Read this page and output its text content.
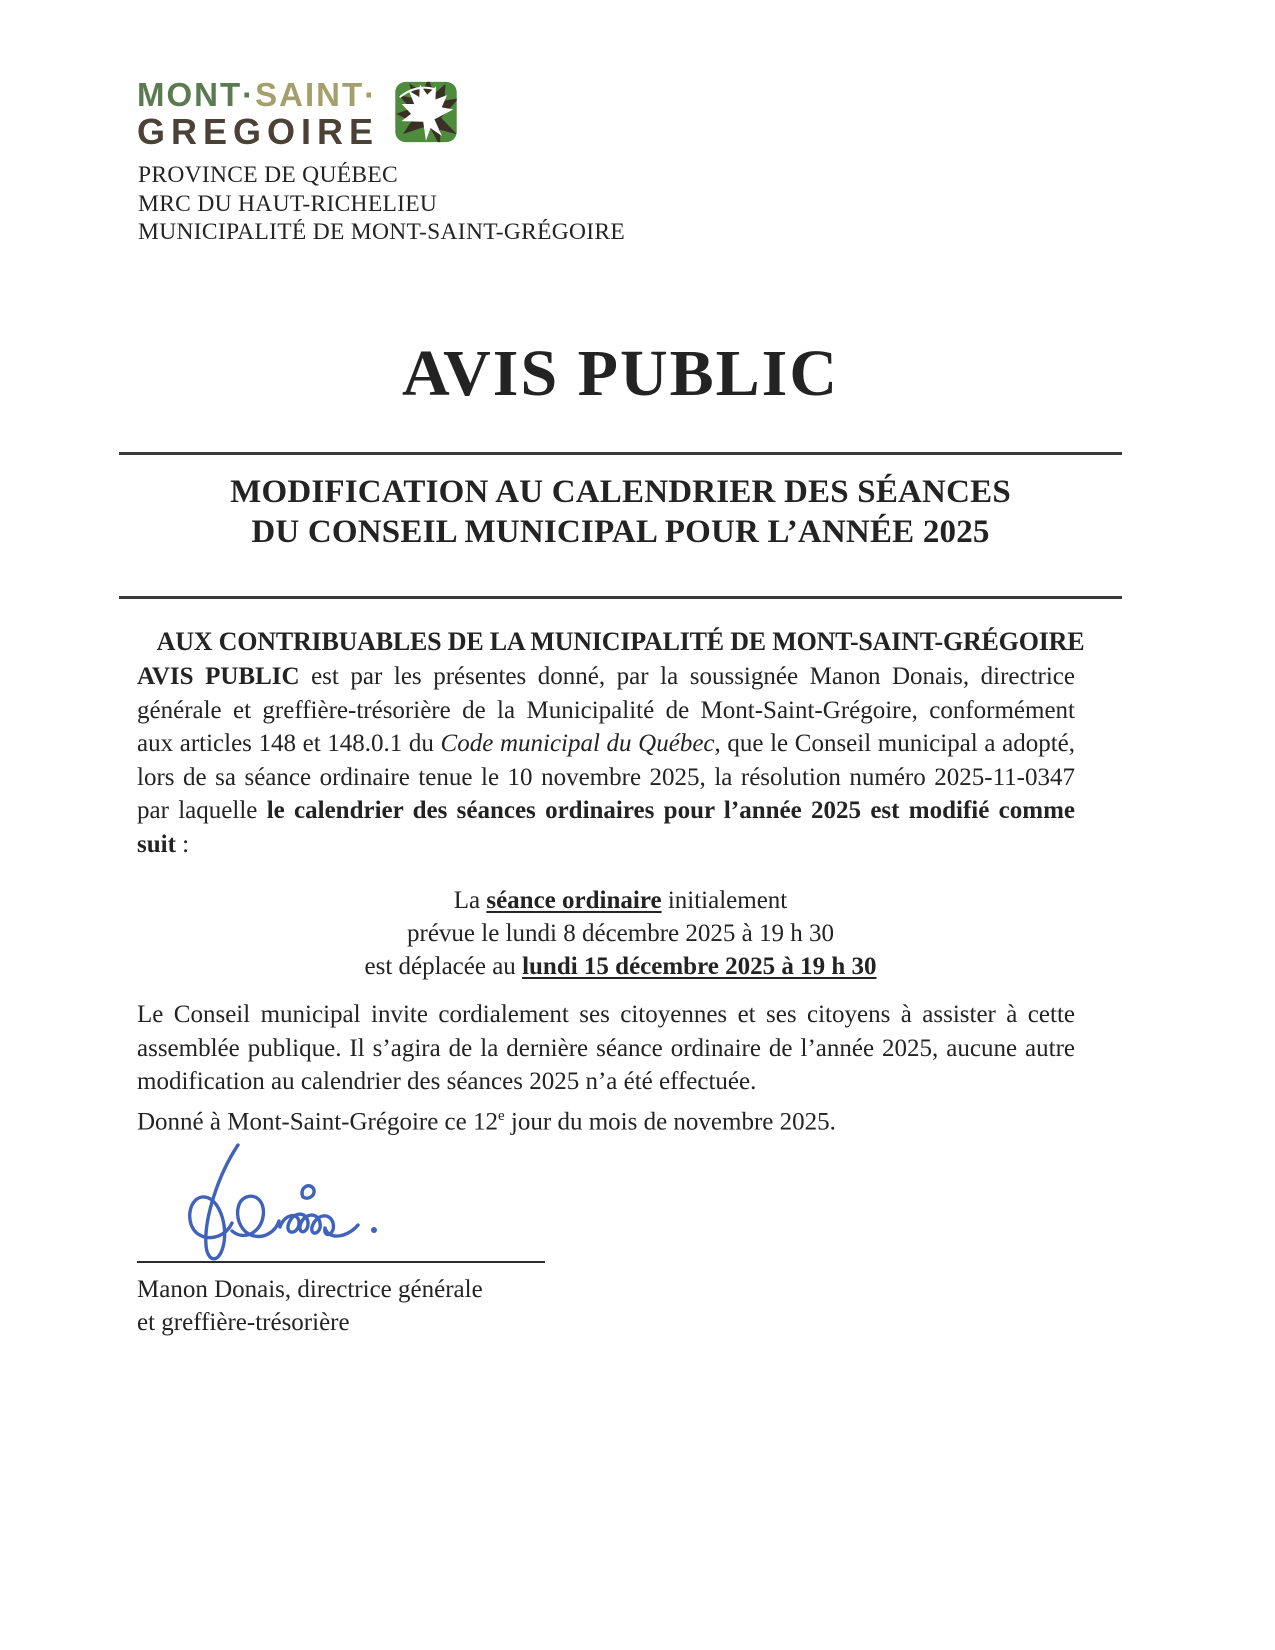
MONT·SAINT·
GREGOIRE
PROVINCE DE QUÉBEC
MRC DU HAUT-RICHELIEU
MUNICIPALITÉ DE MONT-SAINT-GRÉGOIRE
AVIS PUBLIC
MODIFICATION AU CALENDRIER DES SÉANCES
DU CONSEIL MUNICIPAL POUR L’ANNÉE 2025
AUX CONTRIBUABLES DE LA MUNICIPALITÉ DE MONT-SAINT-GRÉGOIRE

AVIS PUBLIC est par les présentes donné, par la soussignée Manon Donais, directrice générale et greffière-trésorière de la Municipalité de Mont-Saint-Grégoire, conformément aux articles 148 et 148.0.1 du Code municipal du Québec, que le Conseil municipal a adopté, lors de sa séance ordinaire tenue le 10 novembre 2025, la résolution numéro 2025-11-0347 par laquelle le calendrier des séances ordinaires pour l’année 2025 est modifié comme suit :

La séance ordinaire initialement
prévue le lundi 8 décembre 2025 à 19 h 30
est déplacée au lundi 15 décembre 2025 à 19 h 30

Le Conseil municipal invite cordialement ses citoyennes et ses citoyens à assister à cette assemblée publique. Il s’agira de la dernière séance ordinaire de l’année 2025, aucune autre modification au calendrier des séances 2025 n’a été effectuée.

Donné à Mont-Saint-Grégoire ce 12e jour du mois de novembre 2025.
Manon Donais, directrice générale
et greffière-trésorière
